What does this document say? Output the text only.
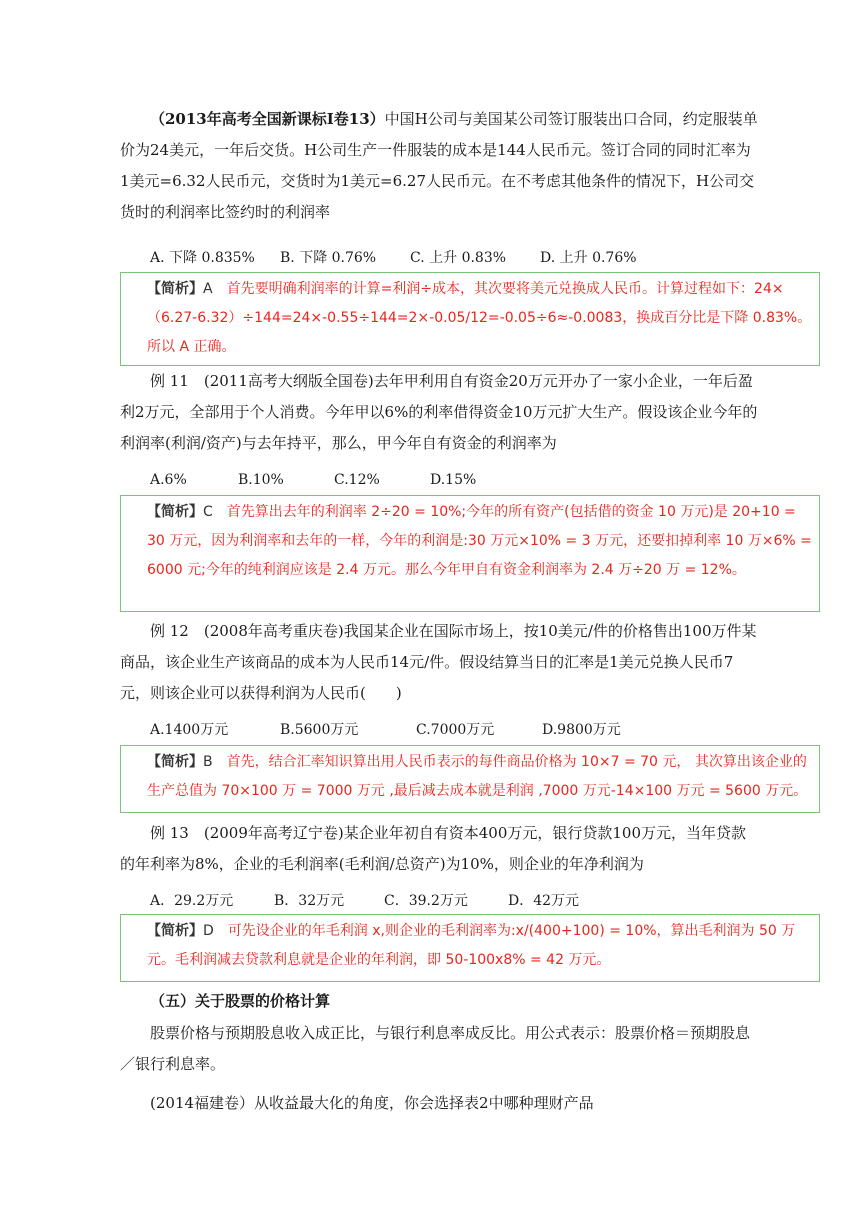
（2013年高考全国新课标Ⅰ卷13）中国H公司与美国某公司签订服装出口合同，约定服装单价为24美元，一年后交货。H公司生产一件服装的成本是144人民币元。签订合同的同时汇率为1美元=6.32人民币元，交货时为1美元=6.27人民币元。在不考虑其他条件的情况下，H公司交货时的利润率比签约时的利润率

A. 下降 0.835% B. 下降 0.76% C. 上升 0.83% D. 上升 0.76%
【简析】A 首先要明确利润率的计算=利润÷成本，其次要将美元兑换成人民币。计算过程如下：24×（6.27-6.32）÷144=24×-0.55÷144=2×-0.05/12=-0.05÷6≈-0.0083，换成百分比是下降 0.83%。所以 A 正确。

例 11　(2011高考大纲版全国卷)去年甲利用自有资金20万元开办了一家小企业，一年后盈利2万元，全部用于个人消费。今年甲以6%的利率借得资金10万元扩大生产。假设该企业今年的利润率(利润/资产)与去年持平，那么，甲今年自有资金的利润率为

A.6%	B.10%	C.12%	D.15%
【简析】C 首先算出去年的利润率 2÷20 = 10%;今年的所有资产(包括借的资金 10 万元)是 20+10 = 30 万元，因为利润率和去年的一样，今年的利润是:30 万元×10% = 3 万元，还要扣掉利率 10 万×6% = 6000 元;今年的纯利润应该是 2.4 万元。那么今年甲自有资金利润率为 2.4 万÷20 万 = 12%。

例 12　(2008年高考重庆卷)我国某企业在国际市场上，按10美元/件的价格售出100万件某商品，该企业生产该商品的成本为人民币14元/件。假设结算当日的汇率是1美元兑换人民币7元，则该企业可以获得利润为人民币(　　)

A.1400万元	B.5600万元	C.7000万元	D.9800万元
【简析】B 首先，结合汇率知识算出用人民币表示的每件商品价格为 10×7 = 70 元， 其次算出该企业的生产总值为 70×100 万 = 7000 万元 ,最后减去成本就是利润 ,7000 万元-14×100 万元 = 5600 万元。

例 13　(2009年高考辽宁卷)某企业年初自有资本400万元，银行贷款100万元，当年贷款的年利率为8%，企业的毛利润率(毛利润/总资产)为10%，则企业的年净利润为

A．29.2万元	B．32万元	C．39.2万元	D．42万元
【简析】D 可先设企业的年毛利润 x,则企业的毛利润率为:x/(400+100) = 10%，算出毛利润为 50 万元。毛利润减去贷款利息就是企业的年利润，即 50-100x8% = 42 万元。
（五）关于股票的价格计算

股票价格与预期股息收入成正比，与银行利息率成反比。用公式表示：股票价格＝预期股息／银行利息率。

(2014福建卷）从收益最大化的角度，你会选择表2中哪种理财产品
